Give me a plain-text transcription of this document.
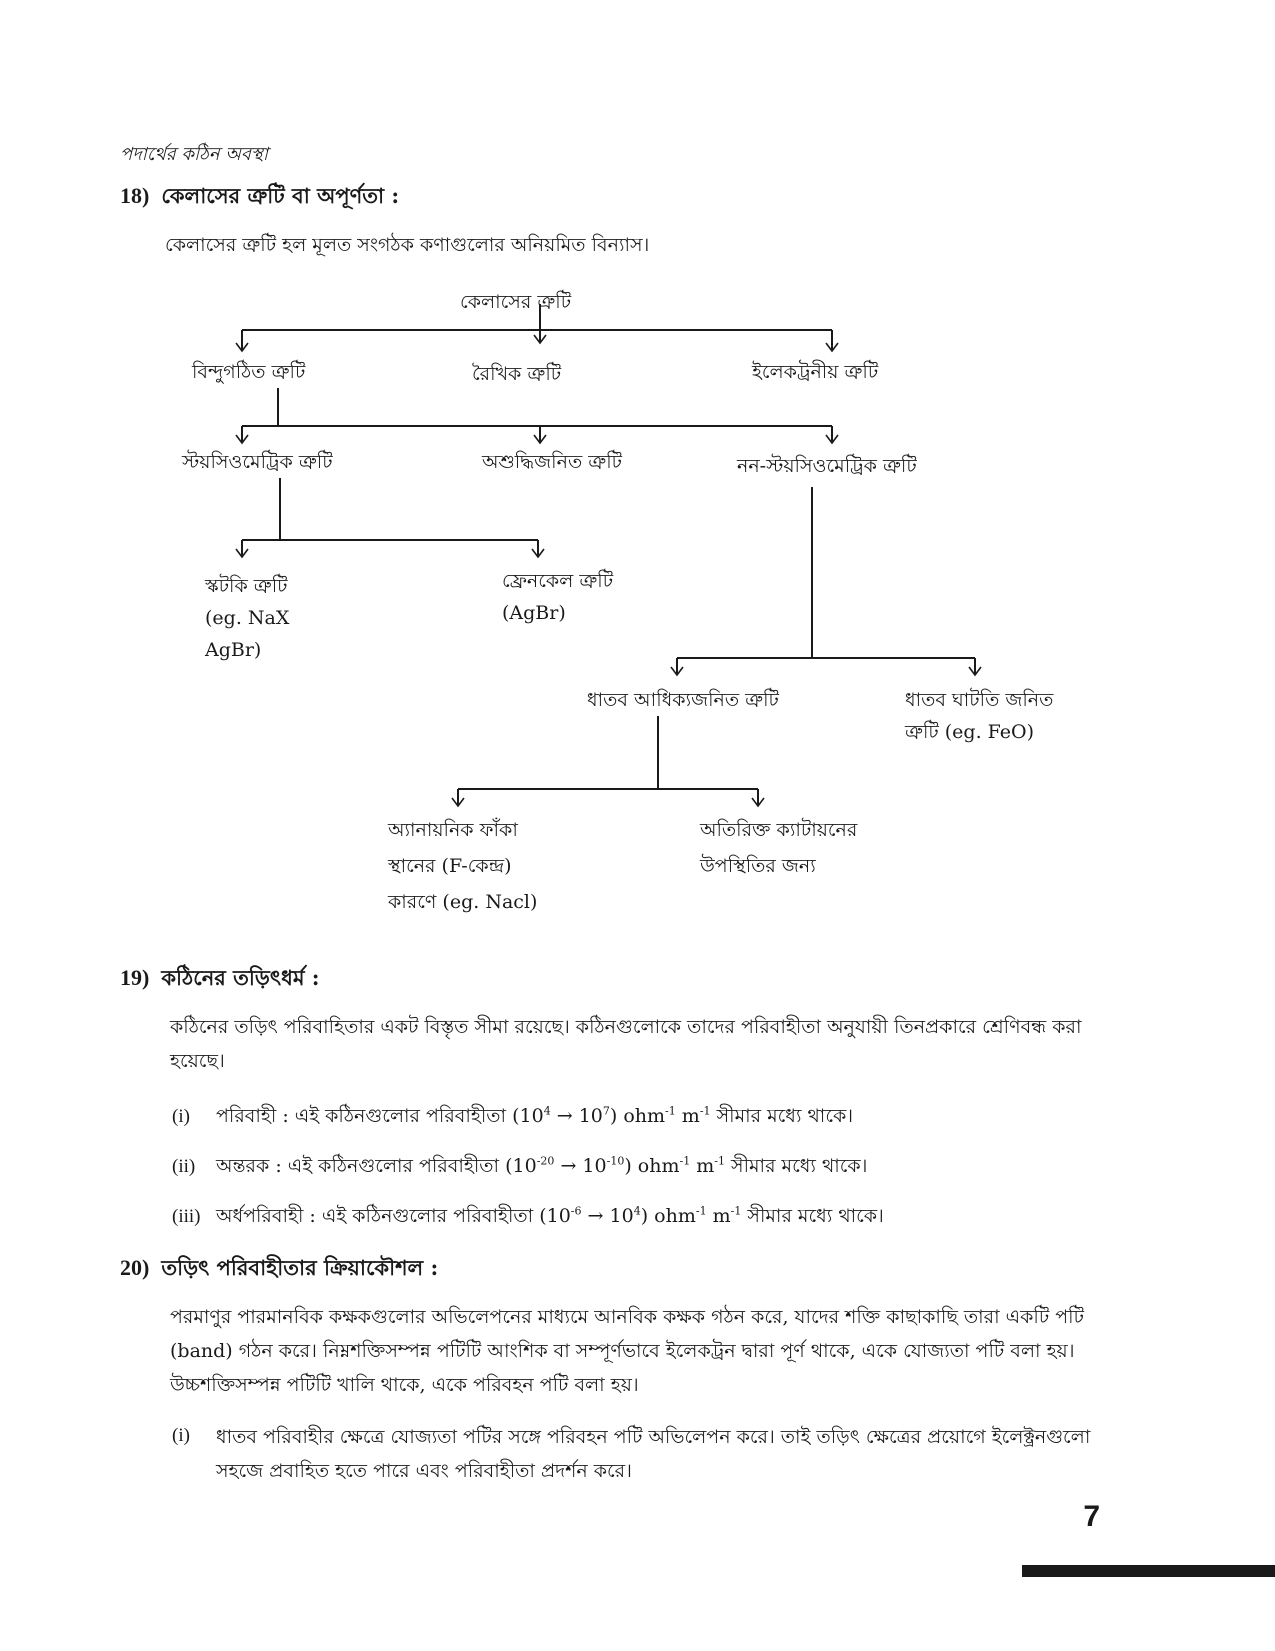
পদার্থের কঠিন অবস্থা
18) কেলাসের ত্রুটি বা অপূর্ণতা :
কেলাসের ত্রুটি হল মূলত সংগঠক কণাগুলোর অনিয়মিত বিন্যাস।
কেলাসের ত্রুটি
বিন্দুগঠিত ত্রুটি	রৈখিক ত্রুটি	ইলেকট্রনীয় ত্রুটি
স্টয়সিওমেট্রিক ত্রুটি	অশুদ্ধিজনিত ত্রুটি	নন-স্টয়সিওমেট্রিক ত্রুটি
স্কটকি ত্রুটি
(eg. NaX
AgBr)
ফ্রেনকেল ত্রুটি
(AgBr)
ধাতব আধিক্যজনিত ত্রুটি	ধাতব ঘাটতি জনিত
ত্রুটি (eg. FeO)
অ্যানায়নিক ফাঁকা
স্থানের (F-কেন্দ্র)
কারণে (eg. Nacl)
অতিরিক্ত ক্যাটায়নের
উপস্থিতির জন্য
19) কঠিনের তড়িৎধর্ম :
কঠিনের তড়িৎ পরিবাহিতার একট বিস্তৃত সীমা রয়েছে। কঠিনগুলোকে তাদের পরিবাহীতা অনুযায়ী তিনপ্রকারে শ্রেণিবন্ধ করা হয়েছে।
(i) পরিবাহী : এই কঠিনগুলোর পরিবাহীতা $(10^4 \to 10^7)$ ohm$^{-1}$ $m^{-1}$ সীমার মধ্যে থাকে।
(ii) অন্তরক : এই কঠিনগুলোর পরিবাহীতা $(10^{-20} \to 10^{-10})$ ohm$^{-1}$ $m^{-1}$ সীমার মধ্যে থাকে।
(iii) অর্ধপরিবাহী : এই কঠিনগুলোর পরিবাহীতা $(10^{-6} \to 10^4)$ ohm$^{-1}$ $m^{-1}$ সীমার মধ্যে থাকে।
20) তড়িৎ পরিবাহীতার ক্রিয়াকৌশল :
পরমাণুর পারমানবিক কক্ষকগুলোর অভিলেপনের মাধ্যমে আনবিক কক্ষক গঠন করে, যাদের শক্তি কাছাকাছি তারা একটি পটি (band) গঠন করে। নিম্নশক্তিসম্পন্ন পটিটি আংশিক বা সম্পূর্ণভাবে ইলেকট্রন দ্বারা পূর্ণ থাকে, একে যোজ্যতা পটি বলা হয়। উচ্চশক্তিসম্পন্ন পটিটি খালি থাকে, একে পরিবহন পটি বলা হয়।
(i) ধাতব পরিবাহীর ক্ষেত্রে যোজ্যতা পটির সঙ্গে পরিবহন পটি অভিলেপন করে। তাই তড়িৎ ক্ষেত্রের প্রয়োগে ইলেক্ট্রনগুলো সহজে প্রবাহিত হতে পারে এবং পরিবাহীতা প্রদর্শন করে।
7
